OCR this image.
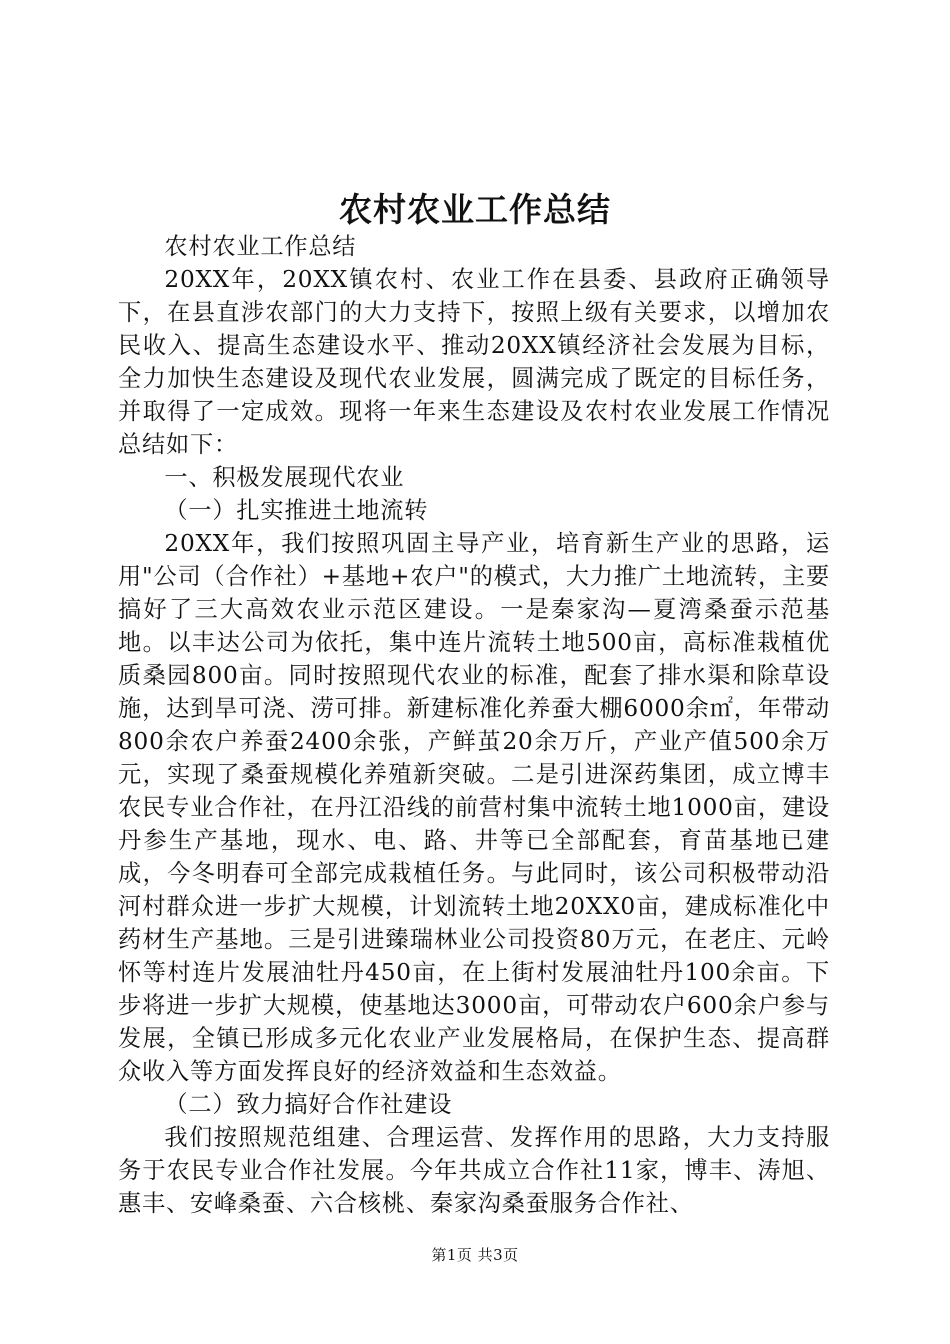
农村农业工作总结

农村农业工作总结

20XX年，20XX镇农村、农业工作在县委、县政府正确领导下，在县直涉农部门的大力支持下，按照上级有关要求，以增加农民收入、提高生态建设水平、推动20XX镇经济社会发展为目标，全力加快生态建设及现代农业发展，圆满完成了既定的目标任务，并取得了一定成效。现将一年来生态建设及农村农业发展工作情况总结如下：

一、积极发展现代农业

（一）扎实推进土地流转

20XX年，我们按照巩固主导产业，培育新生产业的思路，运用"公司（合作社）+基地+农户"的模式，大力推广土地流转，主要搞好了三大高效农业示范区建设。一是秦家沟—夏湾桑蚕示范基地。以丰达公司为依托，集中连片流转土地500亩，高标准栽植优质桑园800亩。同时按照现代农业的标准，配套了排水渠和除草设施，达到旱可浇、涝可排。新建标准化养蚕大棚6000余㎡，年带动800余农户养蚕2400余张，产鲜茧20余万斤，产业产值500余万元，实现了桑蚕规模化养殖新突破。二是引进深药集团，成立博丰农民专业合作社，在丹江沿线的前营村集中流转土地1000亩，建设丹参生产基地，现水、电、路、井等已全部配套，育苗基地已建成，今冬明春可全部完成栽植任务。与此同时，该公司积极带动沿河村群众进一步扩大规模，计划流转土地20XX0亩，建成标准化中药材生产基地。三是引进臻瑞林业公司投资80万元，在老庄、元岭怀等村连片发展油牡丹450亩，在上街村发展油牡丹100余亩。下步将进一步扩大规模，使基地达3000亩，可带动农户600余户参与发展，全镇已形成多元化农业产业发展格局，在保护生态、提高群众收入等方面发挥良好的经济效益和生态效益。

（二）致力搞好合作社建设

我们按照规范组建、合理运营、发挥作用的思路，大力支持服务于农民专业合作社发展。今年共成立合作社11家，博丰、涛旭、惠丰、安峰桑蚕、六合核桃、秦家沟桑蚕服务合作社、

第1页 共3页
